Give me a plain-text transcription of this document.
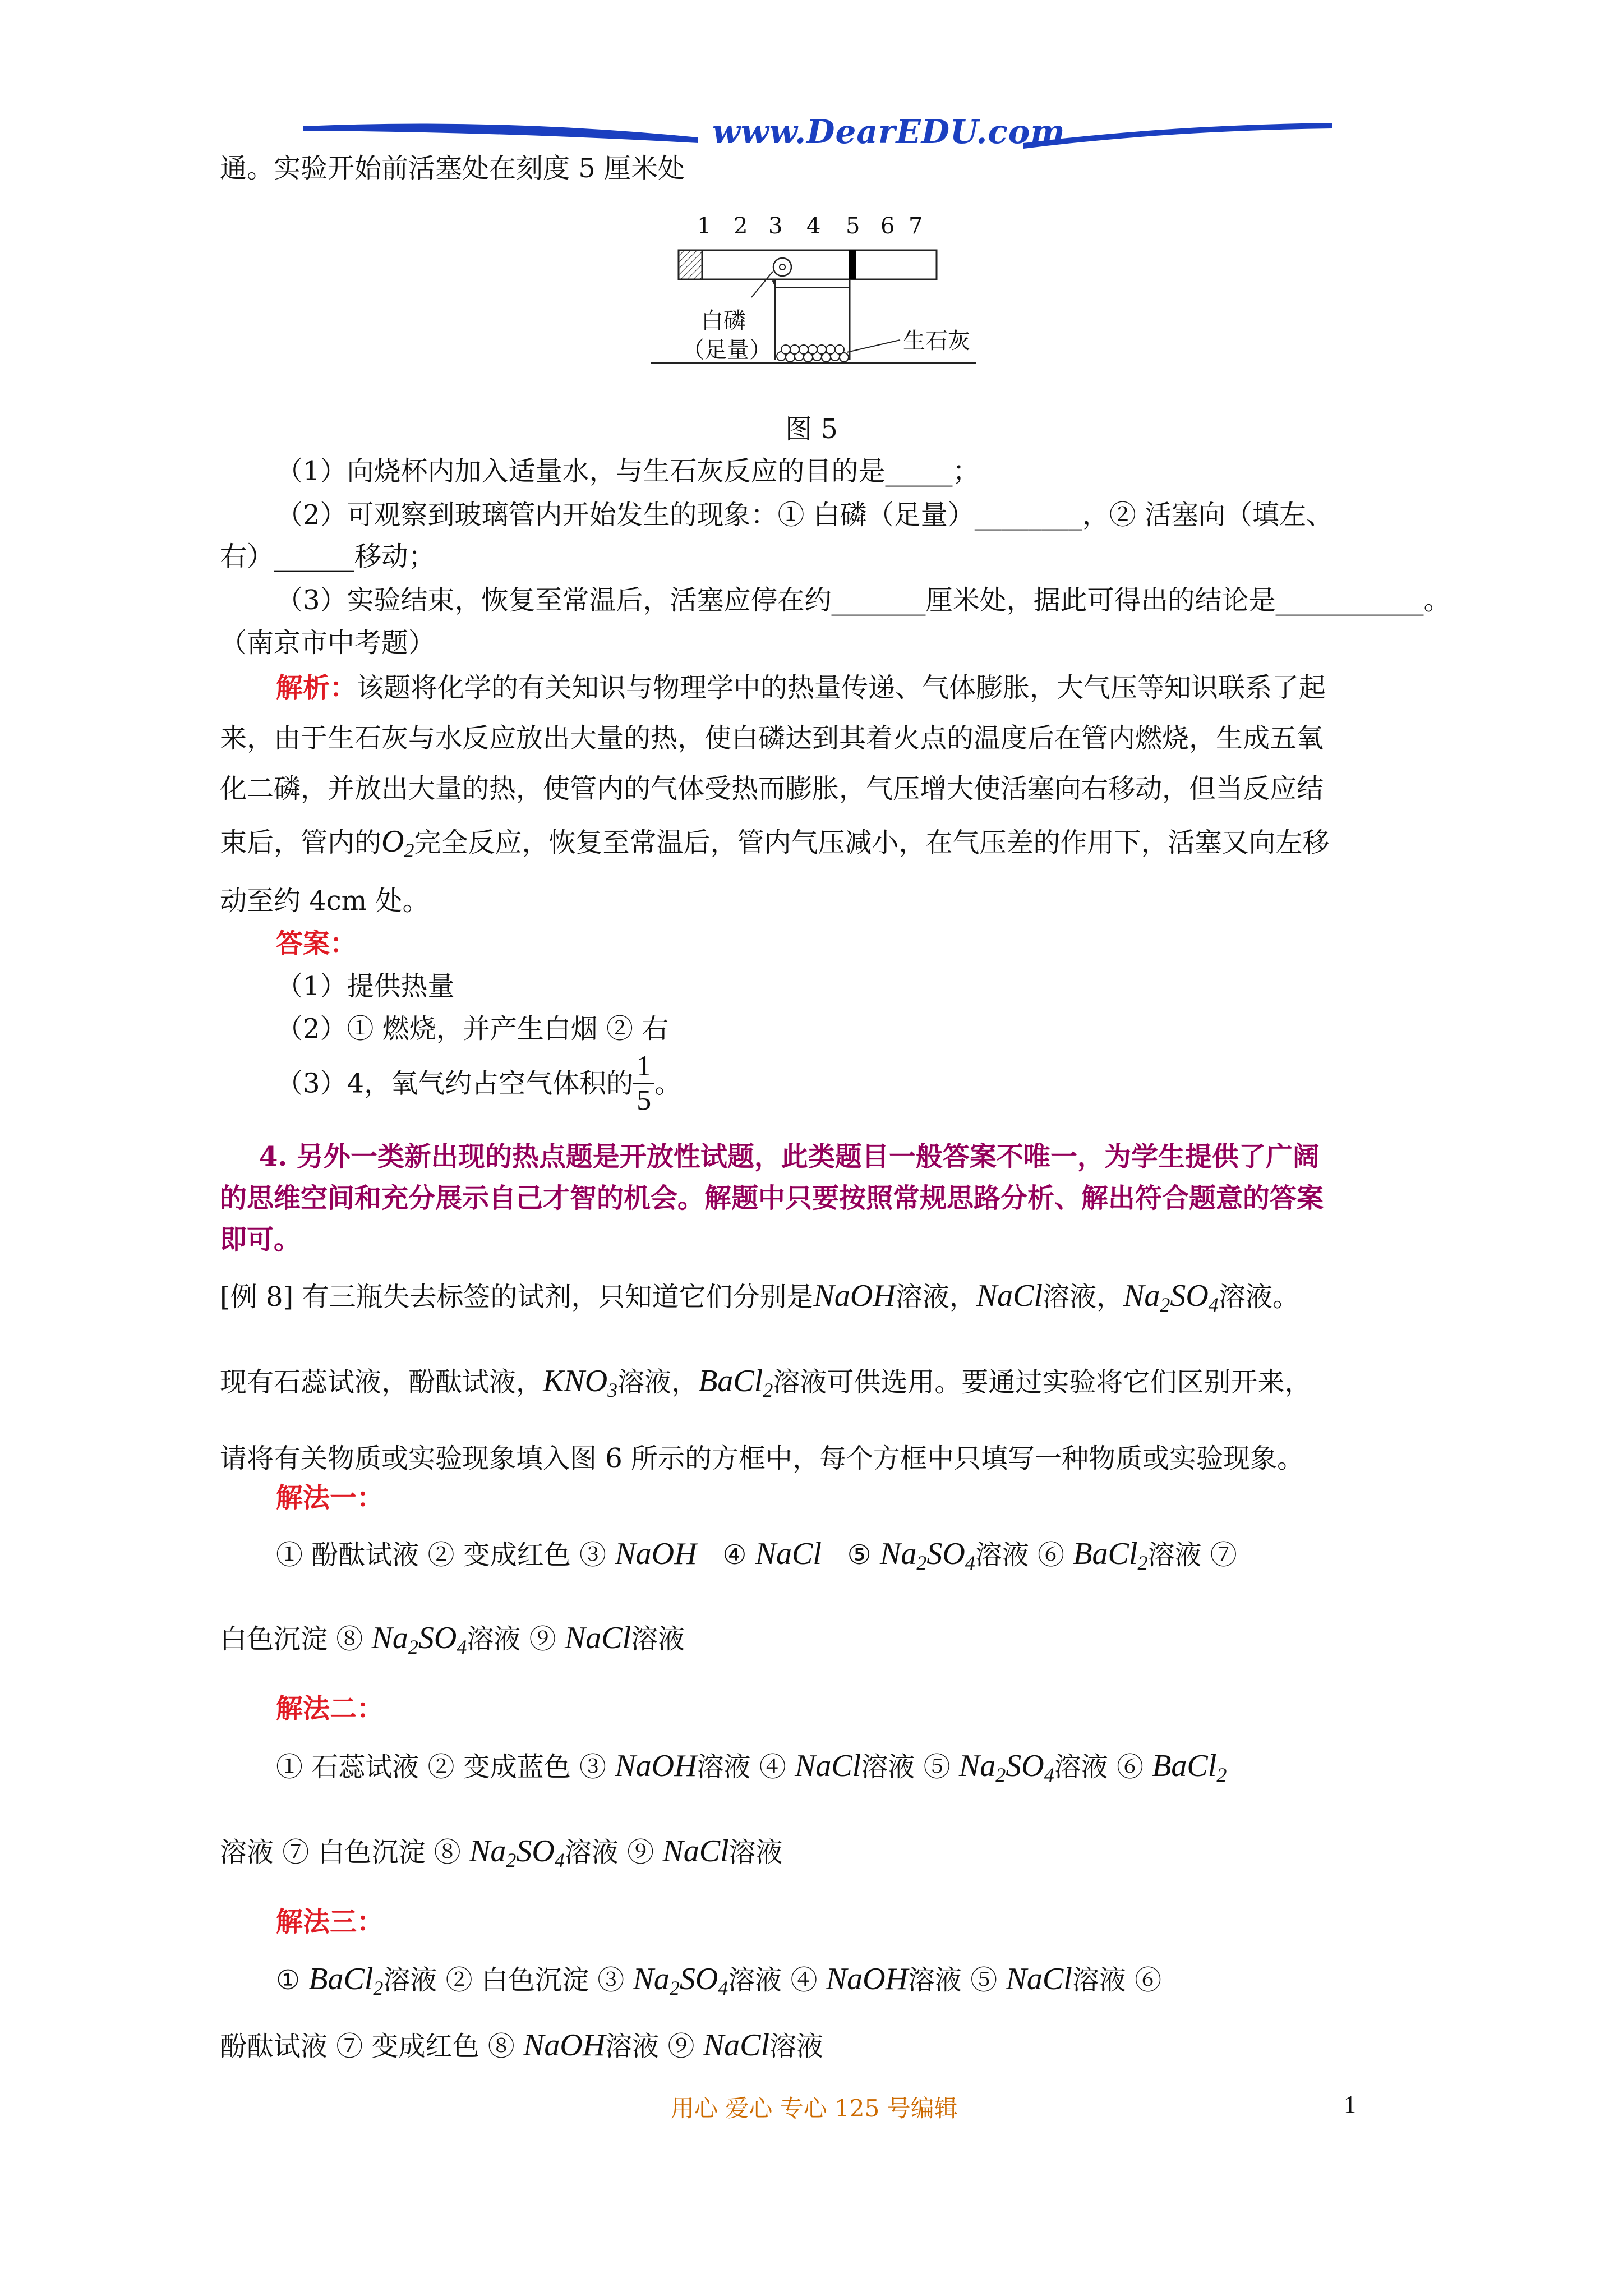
www.DearEDU.com
通。实验开始前活塞处在刻度 5 厘米处
1 2 3 4 5 6 7
白磷
（足量）	生石灰
图 5
（1）向烧杯内加入适量水，与生石灰反应的目的是_____；
（2）可观察到玻璃管内开始发生的现象：① 白磷（足量）________，② 活塞向（填左、
右）______移动；
（3）实验结束，恢复至常温后，活塞应停在约_______厘米处，据此可得出的结论是___________。
（南京市中考题）
解析：该题将化学的有关知识与物理学中的热量传递、气体膨胀，大气压等知识联系了起
来，由于生石灰与水反应放出大量的热，使白磷达到其着火点的温度后在管内燃烧，生成五氧
化二磷，并放出大量的热，使管内的气体受热而膨胀，气压增大使活塞向右移动，但当反应结
束后，管内的$O_2$完全反应，恢复至常温后，管内气压减小，在气压差的作用下，活塞又向左移
动至约 4cm 处。
答案：
（1）提供热量
（2）① 燃烧，并产生白烟 ② 右
（3）4，氧气约占空气体积的 $\frac{1}{5}$ 。
4. 另外一类新出现的热点题是开放性试题，此类题目一般答案不唯一，为学生提供了广阔
的思维空间和充分展示自己才智的机会。解题中只要按照常规思路分析、解出符合题意的答案
即可。
[例 8] 有三瓶失去标签的试剂，只知道它们分别是NaOH溶液，NaCl溶液，$Na_2SO_4$溶液。
现有石蕊试液，酚酞试液，$KNO_3$溶液，BaCl$_2$溶液可供选用。要通过实验将它们区别开来，
请将有关物质或实验现象填入图 6 所示的方框中，每个方框中只填写一种物质或实验现象。
解法一：
① 酚酞试液 ② 变成红色 ③ NaOH ④ NaCl ⑤ $Na_2SO_4$溶液 ⑥ BaCl$_2$溶液 ⑦
白色沉淀 ⑧ $Na_2SO_4$溶液 ⑨ NaCl溶液
解法二：
① 石蕊试液 ② 变成蓝色 ③ NaOH溶液 ④ NaCl溶液 ⑤ $Na_2SO_4$溶液 ⑥ BaCl$_2$
溶液 ⑦ 白色沉淀 ⑧ $Na_2SO_4$溶液 ⑨ NaCl溶液
解法三：
① BaCl$_2$溶液 ② 白色沉淀 ③ $Na_2SO_4$溶液 ④ NaOH溶液 ⑤ NaCl溶液 ⑥
酚酞试液 ⑦ 变成红色 ⑧ NaOH溶液 ⑨ NaCl溶液
用心 爱心 专心 125 号编辑	1
